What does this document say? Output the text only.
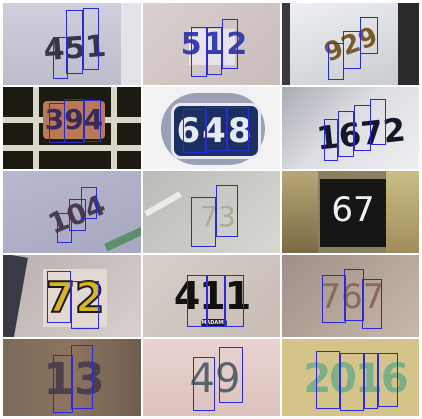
451 512	929
394 648 1672
104	73	67
72 411
MADAME
767
13 49 2016
